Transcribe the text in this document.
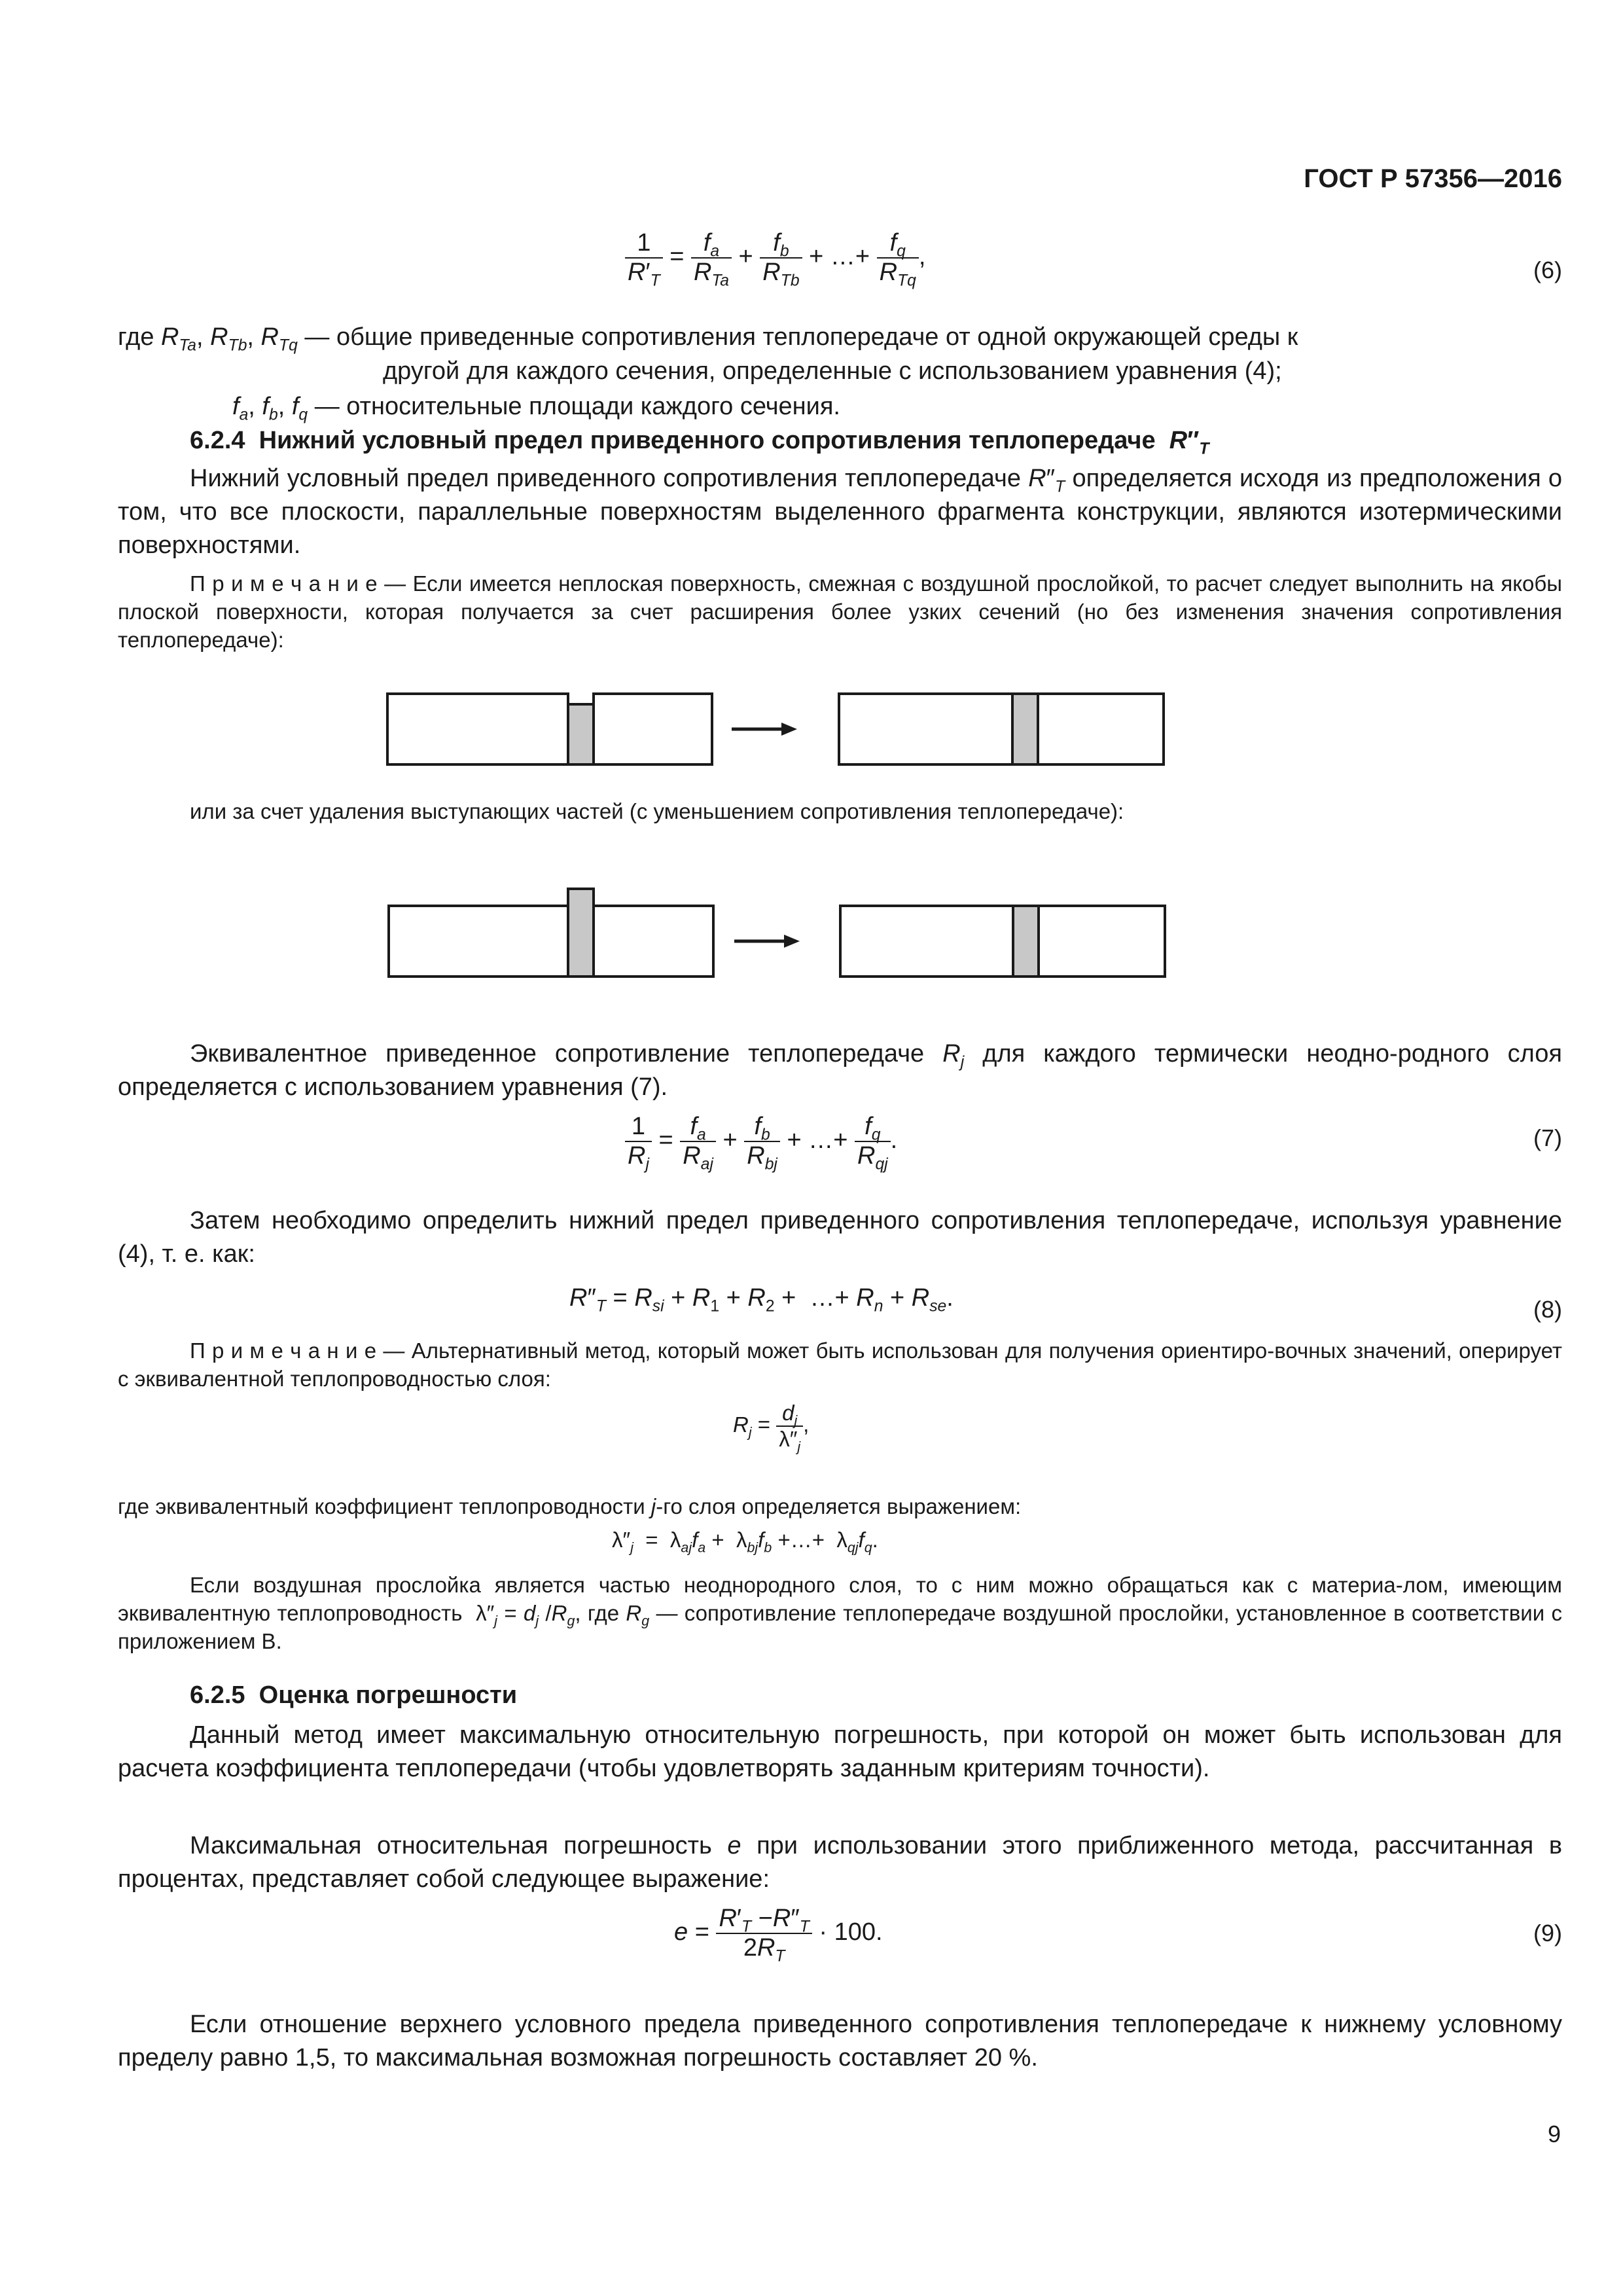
ГОСТ Р 57356—2016
$\frac{1}{R'_T} = \frac{f_a}{R_{Ta}} + \frac{f_b}{R_{Tb}}$ + …+ $\frac{f_q}{R_{Tq}}$ ,	(6)
где $R_{Ta}$, $R_{Tb}$, $R_{Tq}$ — общие приведенные сопротивления теплопередаче от одной окружающей среды к
другой для каждого сечения, определенные с использованием уравнения (4);
$f_a$, $f_b$, $f_q$ — относительные площади каждого сечения.
6.2.4 Нижний условный предел приведенного сопротивления теплопередаче $R''_T$
Нижний условный предел приведенного сопротивления теплопередаче $R''_T$ определяется исходя из предположения о том, что все плоскости, параллельные поверхностям выделенного фрагмента конструкции, являются изотермическими поверхностями.
П р и м е ч а н и е — Если имеется неплоская поверхность, смежная с воздушной прослойкой, то расчет следует выполнить на якобы плоской поверхности, которая получается за счет расширения более узких сечений (но без изменения значения сопротивления теплопередаче):
или за счет удаления выступающих частей (с уменьшением сопротивления теплопередаче):
Эквивалентное приведенное сопротивление теплопередаче $R_j$ для каждого термически неодно-родного слоя определяется с использованием уравнения (7).
$\frac{1}{R_j} = \frac{f_a}{R_{aj}} + \frac{f_b}{R_{bj}}$ + …+ $\frac{f_q}{R_{qj}}$ .	(7)
Затем необходимо определить нижний предел приведенного сопротивления теплопередаче, используя уравнение (4), т. е. как:
$R''_T = R_{si} + R_1 + R_2$ +  …+ $R_n + R_{se}$.	(8)
П р и м е ч а н и е — Альтернативный метод, который может быть использован для получения ориентиро-вочных значений, оперирует с эквивалентной теплопроводностью слоя:
$R_j = \frac{d_j}{\lambda''_j}$ ,
где эквивалентный коэффициент теплопроводности j-го слоя определяется выражением:
$\lambda''_j = \lambda_{aj}f_a + \lambda_{bj}f_b$ +…+  $\lambda_{qj}f_q$.
Если воздушная прослойка является частью неоднородного слоя, то с ним можно обращаться как с материа-лом, имеющим эквивалентную теплопроводность  $\lambda''_j = d_j$ $/R_g$, где $R_g$ — сопротивление теплопередаче воздушной прослойки, установленное в соответствии с приложением В.
6.2.5 Оценка погрешности
Данный метод имеет максимальную относительную погрешность, при которой он может быть использован для расчета коэффициента теплопередачи (чтобы удовлетворять заданным критериям точности).
Максимальная относительная погрешность e при использовании этого приближенного метода, рассчитанная в процентах, представляет собой следующее выражение:
$e = \frac{R'_T -R''_T}{2R_T} \cdot 100$.	(9)
Если отношение верхнего условного предела приведенного сопротивления теплопередаче к нижнему условному пределу равно 1,5, то максимальная возможная погрешность составляет 20 %.
9
